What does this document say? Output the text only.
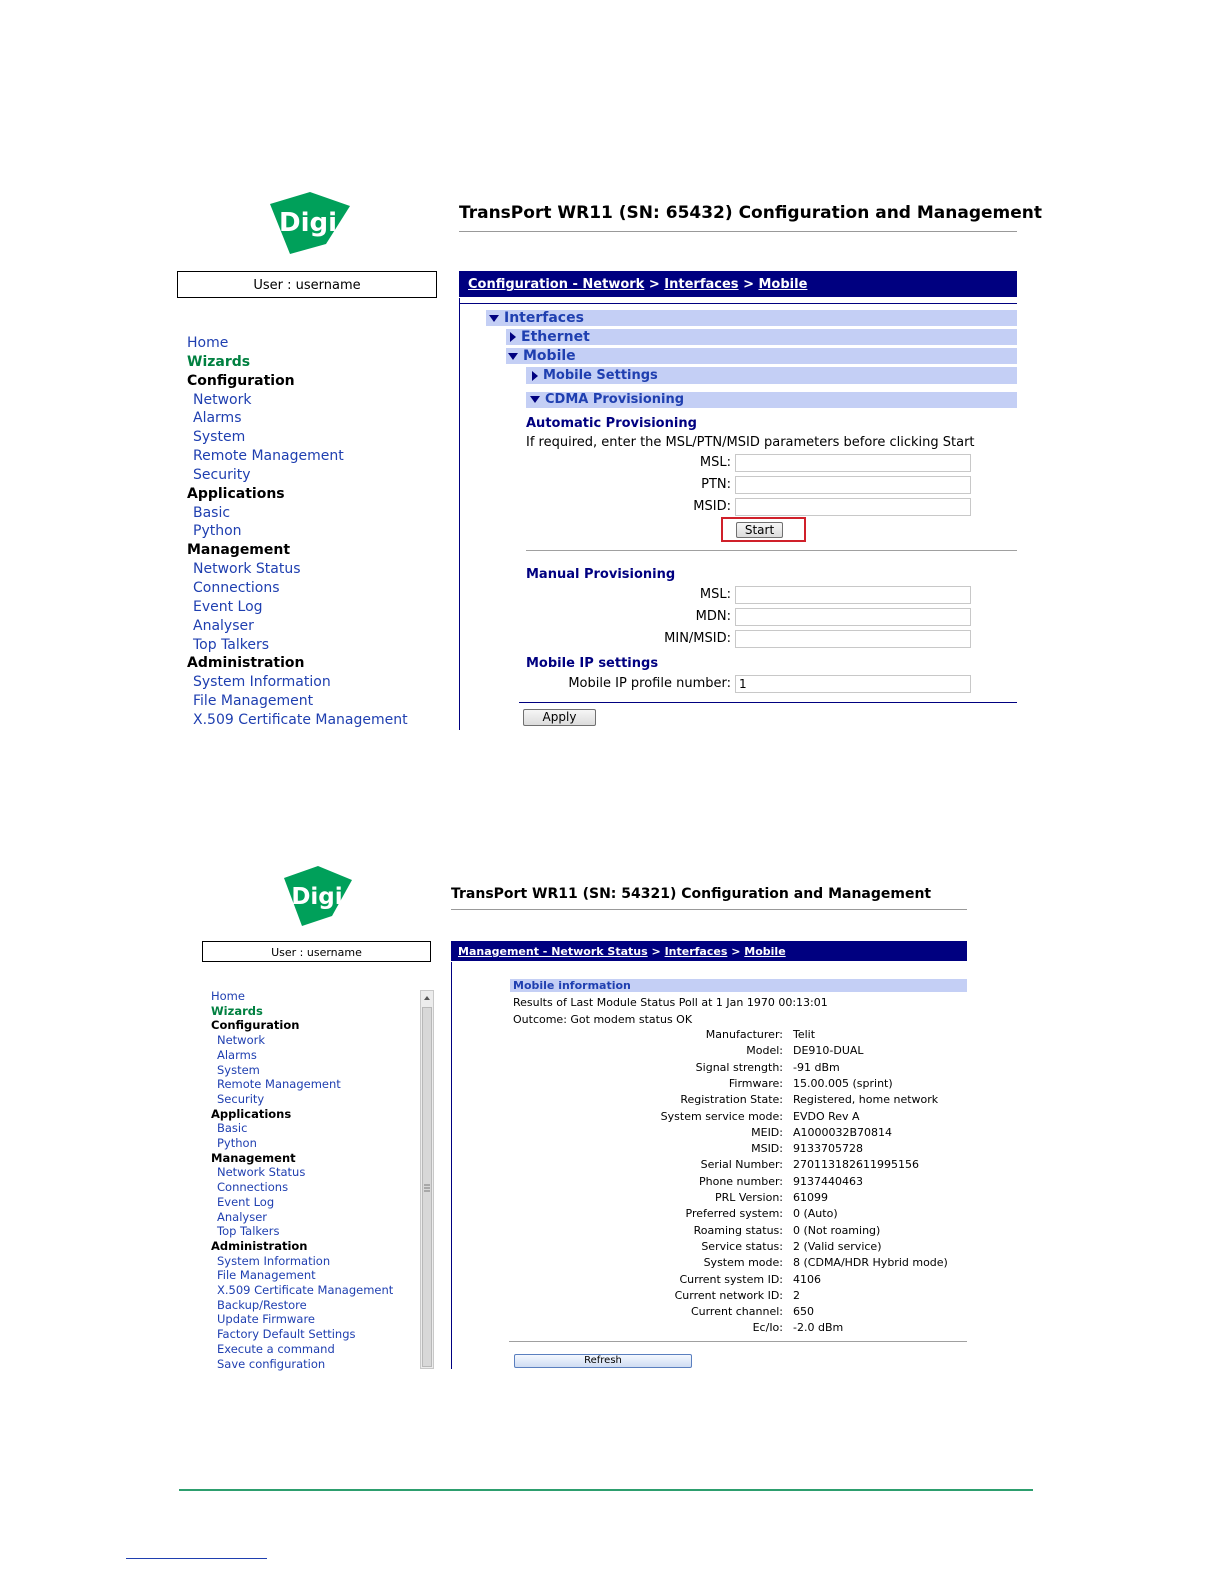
Digi	TransPort WR11 (SN: 65432) Configuration and Management
User : username	Configuration - Network > Interfaces > Mobile
Home
Wizards
Configuration
Network
Alarms
System
Remote Management
Security
Applications
Basic
Python
Management
Network Status
Connections
Event Log
Analyser
Top Talkers
Administration
System Information
File Management
X.509 Certificate Management
Interfaces
Ethernet
Mobile
Mobile Settings
CDMA Provisioning
Automatic Provisioning
If required, enter the MSL/PTN/MSID parameters before clicking Start
MSL:
PTN:
MSID:
Start
Manual Provisioning
MSL:
MDN:
MIN/MSID:
Mobile IP settings
Mobile IP profile number:
1
Apply
Digi	TransPort WR11 (SN: 54321) Configuration and Management
User : username	Management - Network Status > Interfaces > Mobile
Home
Wizards
Configuration
Network
Alarms
System
Remote Management
Security
Applications
Basic
Python
Management
Network Status
Connections
Event Log
Analyser
Top Talkers
Administration
System Information
File Management
X.509 Certificate Management
Backup/Restore
Update Firmware
Factory Default Settings
Execute a command
Save configuration
Mobile information
Results of Last Module Status Poll at 1 Jan 1970 00:13:01
Outcome: Got modem status OK
Manufacturer: Telit
Model: DE910-DUAL
Signal strength: -91 dBm
Firmware: 15.00.005 (sprint)
Registration State: Registered, home network
System service mode: EVDO Rev A
MEID: A1000032B70814
MSID: 9133705728
Serial Number: 270113182611995156
Phone number: 9137440463
PRL Version: 61099
Preferred system: 0 (Auto)
Roaming status: 0 (Not roaming)
Service status: 2 (Valid service)
System mode: 8 (CDMA/HDR Hybrid mode)
Current system ID: 4106
Current network ID: 2
Current channel: 650
Ec/Io: -2.0 dBm
Refresh
